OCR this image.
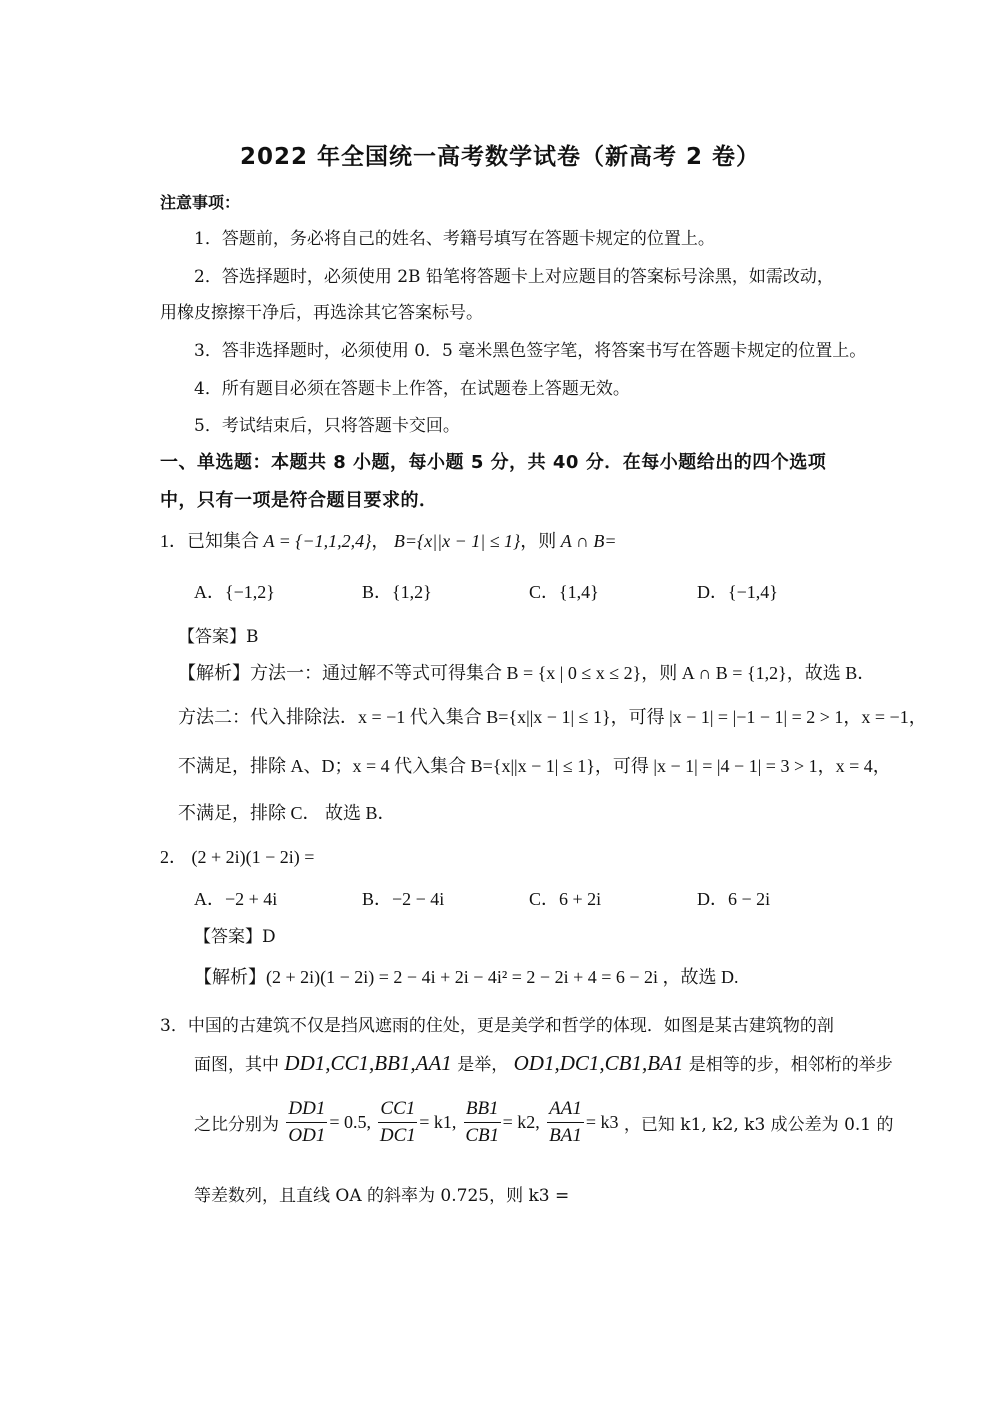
2022 年全国统一高考数学试卷（新高考 2 卷）
注意事项：
1．答题前，务必将自己的姓名、考籍号填写在答题卡规定的位置上。
2．答选择题时，必须使用 2B 铅笔将答题卡上对应题目的答案标号涂黑，如需改动，
用橡皮擦擦干净后，再选涂其它答案标号。
3．答非选择题时，必须使用 0．5 毫米黑色签字笔，将答案书写在答题卡规定的位置上。
4．所有题目必须在答题卡上作答，在试题卷上答题无效。
5．考试结束后，只将答题卡交回。
一、单选题：本题共 8 小题，每小题 5 分，共 40 分．在每小题给出的四个选项
中，只有一项是符合题目要求的．
1．已知集合 A = {−1,1,2,4}， B={x||x − 1| ≤ 1}，则 A ∩ B=
A．{−1,2}	B．{1,2}	C．{1,4}	D．{−1,4}
【答案】B
【解析】方法一：通过解不等式可得集合 B = {x | 0 ≤ x ≤ 2}，则 A ∩ B = {1,2}，故选 B．
方法二：代入排除法．x = −1 代入集合 B={x||x − 1| ≤ 1}，可得 |x − 1| = |−1 − 1| = 2 > 1，x = −1，
不满足，排除 A、D；x = 4 代入集合 B={x||x − 1| ≤ 1}，可得 |x − 1| = |4 − 1| = 3 > 1，x = 4，
不满足，排除 C． 故选 B．
2． (2 + 2i)(1 − 2i) =
A．−2 + 4i	B．−2 − 4i	C．6 + 2i	D．6 − 2i
【答案】D
【解析】(2 + 2i)(1 − 2i) = 2 − 4i + 2i − 4i² = 2 − 2i + 4 = 6 − 2i ，故选 D.
3．中国的古建筑不仅是挡风遮雨的住处，更是美学和哲学的体现．如图是某古建筑物的剖
面图，其中 DD1,CC1,BB1,AA1 是举， OD1,DC1,CB1,BA1 是相等的步，相邻桁的举步
之比分别为 $\frac{DD1}{OD1} = 0.5$, $\frac{CC1}{DC1} = k1$, $\frac{BB1}{CB1} = k2$, $\frac{AA1}{BA1} = k3$ ，已知 k1, k2, k3 成公差为 0.1 的
等差数列，且直线 OA 的斜率为 0.725，则 k3 =
